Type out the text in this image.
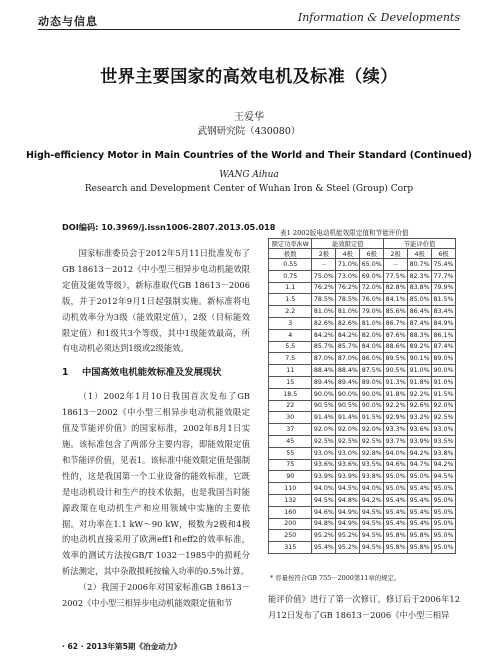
动态与信息	Information & Developments
世界主要国家的高效电机及标准（续）
王爱华
武钢研究院（430080）
High-efficiency Motor in Main Countries of the World and Their Standard (Continued)
WANG Aihua
Research and Development Center of Wuhan Iron & Steel (Group) Corp
DOI编码: 10.3969/j.issn1006-2807.2013.05.018

国家标准委员会于2012年5月11日批准发布了GB 18613－2012《中小型三相异步电动机能效限定值及能效等级》，新标准取代GB 18613－2006版，并于2012年9月1日起强制实施。新标准将电动机效率分为3级（能效限定值），2级（目标能效限定值）和1级共3个等级，其中1级能效最高，所有电动机必须达到1级或2级能效。

1 中国高效电机能效标准及发展现状

（1）2002年1月10日我国首次发布了GB 18613－2002《中小型三相异步电动机能效限定值及节能评价值》的国家标准，2002年8月1日实施。该标准包含了两部分主要内容，即能效限定值和节能评价值，见表1。该标准中能效限定值是强制性的，这是我国第一个工业设备的能效标准，它既是电动机设计和生产的技术依据，也是我国当时能源政策在电动机生产和应用领域中实施的主要依据。对功率在1.1 kW～90 kW，极数为2极和4极的电动机直接采用了欧洲eff1和eff2的效率标准，效率的测试方法按GB/T 1032－1985中的损耗分析法测定，其中杂散损耗按输入功率的0.5%计算。

（2）我国于2006年对国家标准GB 18613－2002《中小型三相异步电动机能效限定值和节

表1 2002版电动机能效限定值和节能评价值
额定功率/kW	能效限定值			节能评价值		
极数	2极	4极	6极	2极	4极	6极
0.55	－	71.0%	65.0%	－	80.7%	75.4%
0.75	75.0%	73.0%	69.0%	77.5%	82.3%	77.7%
1.1	76.2%	76.2%	72.0%	82.8%	83.8%	79.9%
1.5	78.5%	78.5%	76.0%	84.1%	85.0%	81.5%
2.2	81.0%	81.0%	79.0%	85.6%	86.4%	83.4%
3	82.6%	82.6%	81.0%	86.7%	87.4%	84.9%
4	84.2%	84.2%	82.0%	87.6%	88.3%	86.1%
5.5	85.7%	85.7%	84.0%	88.6%	89.2%	87.4%
7.5	87.0%	87.0%	86.0%	89.5%	90.1%	89.0%
11	88.4%	88.4%	87.5%	90.5%	91.0%	90.0%
15	89.4%	89.4%	89.0%	91.3%	91.8%	91.0%
18.5	90.0%	90.0%	90.0%	91.8%	92.2%	91.5%
22	90.5%	90.5%	90.0%	92.2%	92.6%	92.0%
30	91.4%	91.4%	91.5%	92.9%	93.2%	92.5%
37	92.0%	92.0%	92.0%	93.3%	93.6%	93.0%
45	92.5%	92.5%	92.5%	93.7%	93.9%	93.5%
55	93.0%	93.0%	92.8%	94.0%	94.2%	93.8%
75	93.6%	93.6%	93.5%	94.6%	94.7%	94.2%
90	93.9%	93.9%	93.8%	95.0%	95.0%	94.5%
110	94.0%	94.5%	94.0%	95.0%	95.4%	95.0%
132	94.5%	94.8%	94.2%	95.4%	95.4%	95.0%
160	94.6%	94.9%	94.5%	95.4%	95.4%	95.0%
200	94.8%	94.9%	94.5%	95.4%	95.4%	95.0%
250	95.2%	95.2%	94.5%	95.8%	95.8%	95.0%
315	95.4%	95.2%	94.5%	95.8%	95.8%	95.0%
* 容量按符合GB 755－2000第11章的规定。

能评价值》进行了第一次修订，修订后于2006年12月12日发布了GB 18613－2006《中小型三相异

· 62 · 2013年第5期《冶金动力》
